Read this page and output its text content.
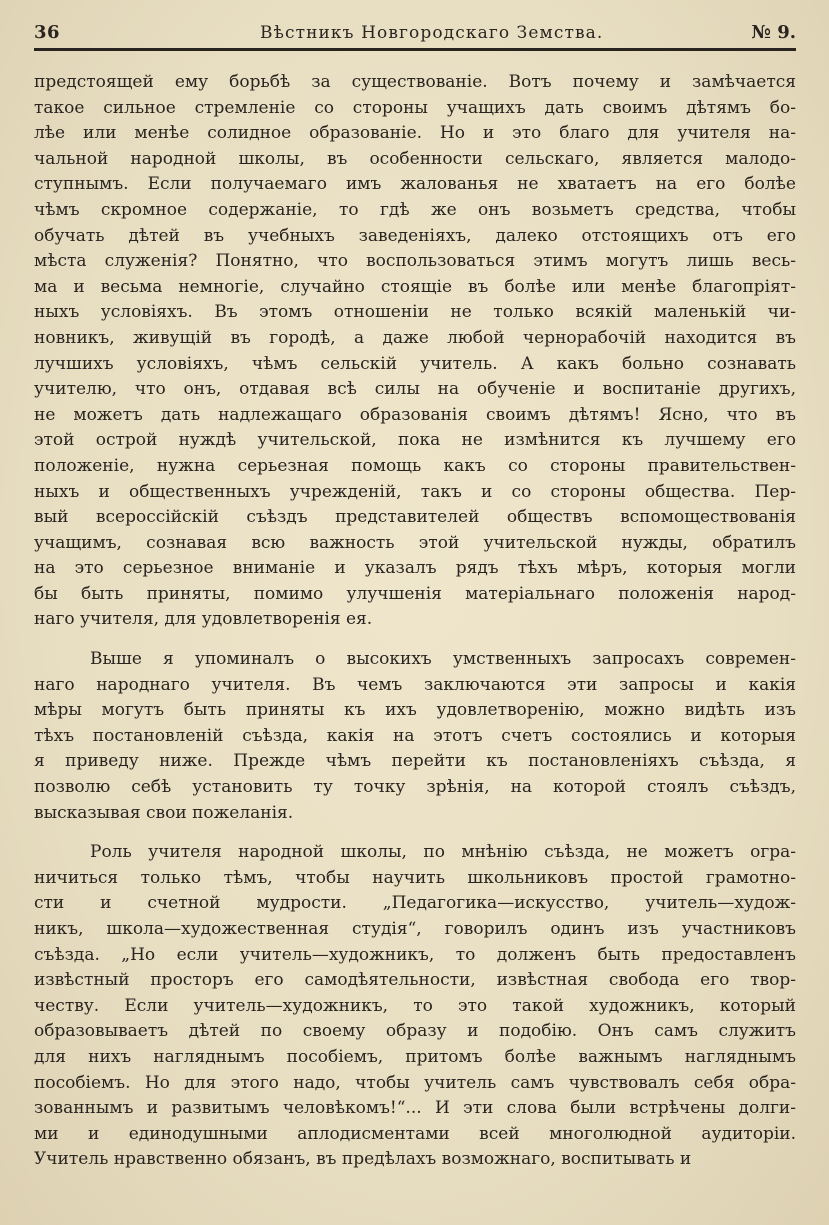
36	Вѣстникъ Новгородскаго Земства.	№ 9.
предстоящей ему борьбѣ за существованіе. Вотъ почему и замѣчается
такое сильное стремленіе со стороны учащихъ дать своимъ дѣтямъ бо-
лѣе или менѣе солидное образованіе. Но и это благо для учителя на-
чальной народной школы, въ особенности сельскаго, является малодо-
ступнымъ. Если получаемаго имъ жалованья не хватаетъ на его болѣе
чѣмъ скромное содержаніе, то гдѣ же онъ возьметъ средства, чтобы
обучать дѣтей въ учебныхъ заведеніяхъ, далеко отстоящихъ отъ его
мѣста служенія? Понятно, что воспользоваться этимъ могутъ лишь весь-
ма и весьма немногіе, случайно стоящіе въ болѣе или менѣе благопріят-
ныхъ условіяхъ. Въ этомъ отношеніи не только всякій маленькій чи-
новникъ, живущій въ городѣ, а даже любой чернорабочій находится въ
лучшихъ условіяхъ, чѣмъ сельскій учитель. А какъ больно сознавать
учителю, что онъ, отдавая всѣ силы на обученіе и воспитаніе другихъ,
не можетъ дать надлежащаго образованія своимъ дѣтямъ! Ясно, что въ
этой острой нуждѣ учительской, пока не измѣнится къ лучшему его
положеніе, нужна серьезная помощь какъ со стороны правительствен-
ныхъ и общественныхъ учрежденій, такъ и со стороны общества. Пер-
вый всероссійскій съѣздъ представителей обществъ вспомоществованія
учащимъ, сознавая всю важность этой учительской нужды, обратилъ
на это серьезное вниманіе и указалъ рядъ тѣхъ мѣръ, которыя могли
бы быть приняты, помимо улучшенія матеріальнаго положенія народ-
наго учителя, для удовлетворенія ея.
Выше я упоминалъ о высокихъ умственныхъ запросахъ современ-
наго народнаго учителя. Въ чемъ заключаются эти запросы и какія
мѣры могутъ быть приняты къ ихъ удовлетворенію, можно видѣть изъ
тѣхъ постановленій съѣзда, какія на этотъ счетъ состоялись и которыя
я приведу ниже. Прежде чѣмъ перейти къ постановленіяхъ съѣзда, я
позволю себѣ установить ту точку зрѣнія, на которой стоялъ съѣздъ,
высказывая свои пожеланія.
Роль учителя народной школы, по мнѣнію съѣзда, не можетъ огра-
ничиться только тѣмъ, чтобы научить школьниковъ простой грамотно-
сти и счетной мудрости. „Педагогика—искусство, учитель—худож-
никъ, школа—художественная студія“, говорилъ одинъ изъ участниковъ
съѣзда. „Но если учитель—художникъ, то долженъ быть предоставленъ
извѣстный просторъ его самодѣятельности, извѣстная свобода его твор-
честву. Если учитель—художникъ, то это такой художникъ, который
образовываетъ дѣтей по своему образу и подобію. Онъ самъ служитъ
для нихъ нагляднымъ пособіемъ, притомъ болѣе важнымъ нагляднымъ
пособіемъ. Но для этого надо, чтобы учитель самъ чувствовалъ себя обра-
зованнымъ и развитымъ человѣкомъ!“... И эти слова были встрѣчены долги-
ми и единодушными аплодисментами всей многолюдной аудиторіи.
Учитель нравственно обязанъ, въ предѣлахъ возможнаго, воспитывать и
